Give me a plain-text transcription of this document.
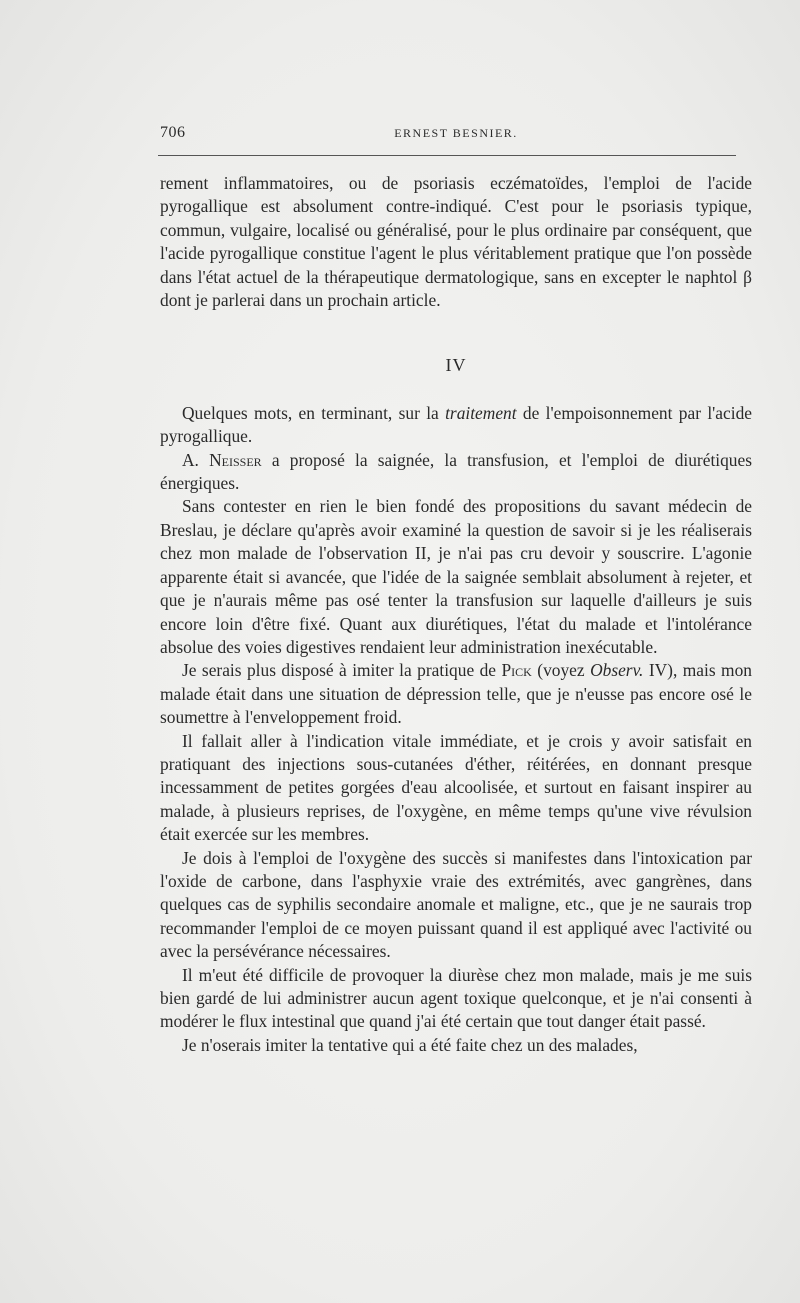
706	ERNEST BESNIER.

rement inflammatoires, ou de psoriasis eczématoïdes, l'emploi de l'acide pyrogallique est absolument contre-indiqué. C'est pour le psoriasis typique, commun, vulgaire, localisé ou généralisé, pour le plus ordinaire par conséquent, que l'acide pyrogallique constitue l'agent le plus véritablement pratique que l'on possède dans l'état actuel de la thérapeutique dermatologique, sans en excepter le naphtol β dont je parlerai dans un prochain article.

IV

Quelques mots, en terminant, sur la traitement de l'empoisonnement par l'acide pyrogallique.

A. Neisser a proposé la saignée, la transfusion, et l'emploi de diurétiques énergiques.

Sans contester en rien le bien fondé des propositions du savant médecin de Breslau, je déclare qu'après avoir examiné la question de savoir si je les réaliserais chez mon malade de l'observation II, je n'ai pas cru devoir y souscrire. L'agonie apparente était si avancée, que l'idée de la saignée semblait absolument à rejeter, et que je n'aurais même pas osé tenter la transfusion sur laquelle d'ailleurs je suis encore loin d'être fixé. Quant aux diurétiques, l'état du malade et l'intolérance absolue des voies digestives rendaient leur administration inexécutable.

Je serais plus disposé à imiter la pratique de Pick (voyez Observ. IV), mais mon malade était dans une situation de dépression telle, que je n'eusse pas encore osé le soumettre à l'enveloppement froid.

Il fallait aller à l'indication vitale immédiate, et je crois y avoir satisfait en pratiquant des injections sous-cutanées d'éther, réitérées, en donnant presque incessamment de petites gorgées d'eau alcoolisée, et surtout en faisant inspirer au malade, à plusieurs reprises, de l'oxygène, en même temps qu'une vive révulsion était exercée sur les membres.

Je dois à l'emploi de l'oxygène des succès si manifestes dans l'intoxication par l'oxide de carbone, dans l'asphyxie vraie des extrémités, avec gangrènes, dans quelques cas de syphilis secondaire anomale et maligne, etc., que je ne saurais trop recommander l'emploi de ce moyen puissant quand il est appliqué avec l'activité ou avec la persévérance nécessaires.

Il m'eut été difficile de provoquer la diurèse chez mon malade, mais je me suis bien gardé de lui administrer aucun agent toxique quelconque, et je n'ai consenti à modérer le flux intestinal que quand j'ai été certain que tout danger était passé.

Je n'oserais imiter la tentative qui a été faite chez un des malades,
